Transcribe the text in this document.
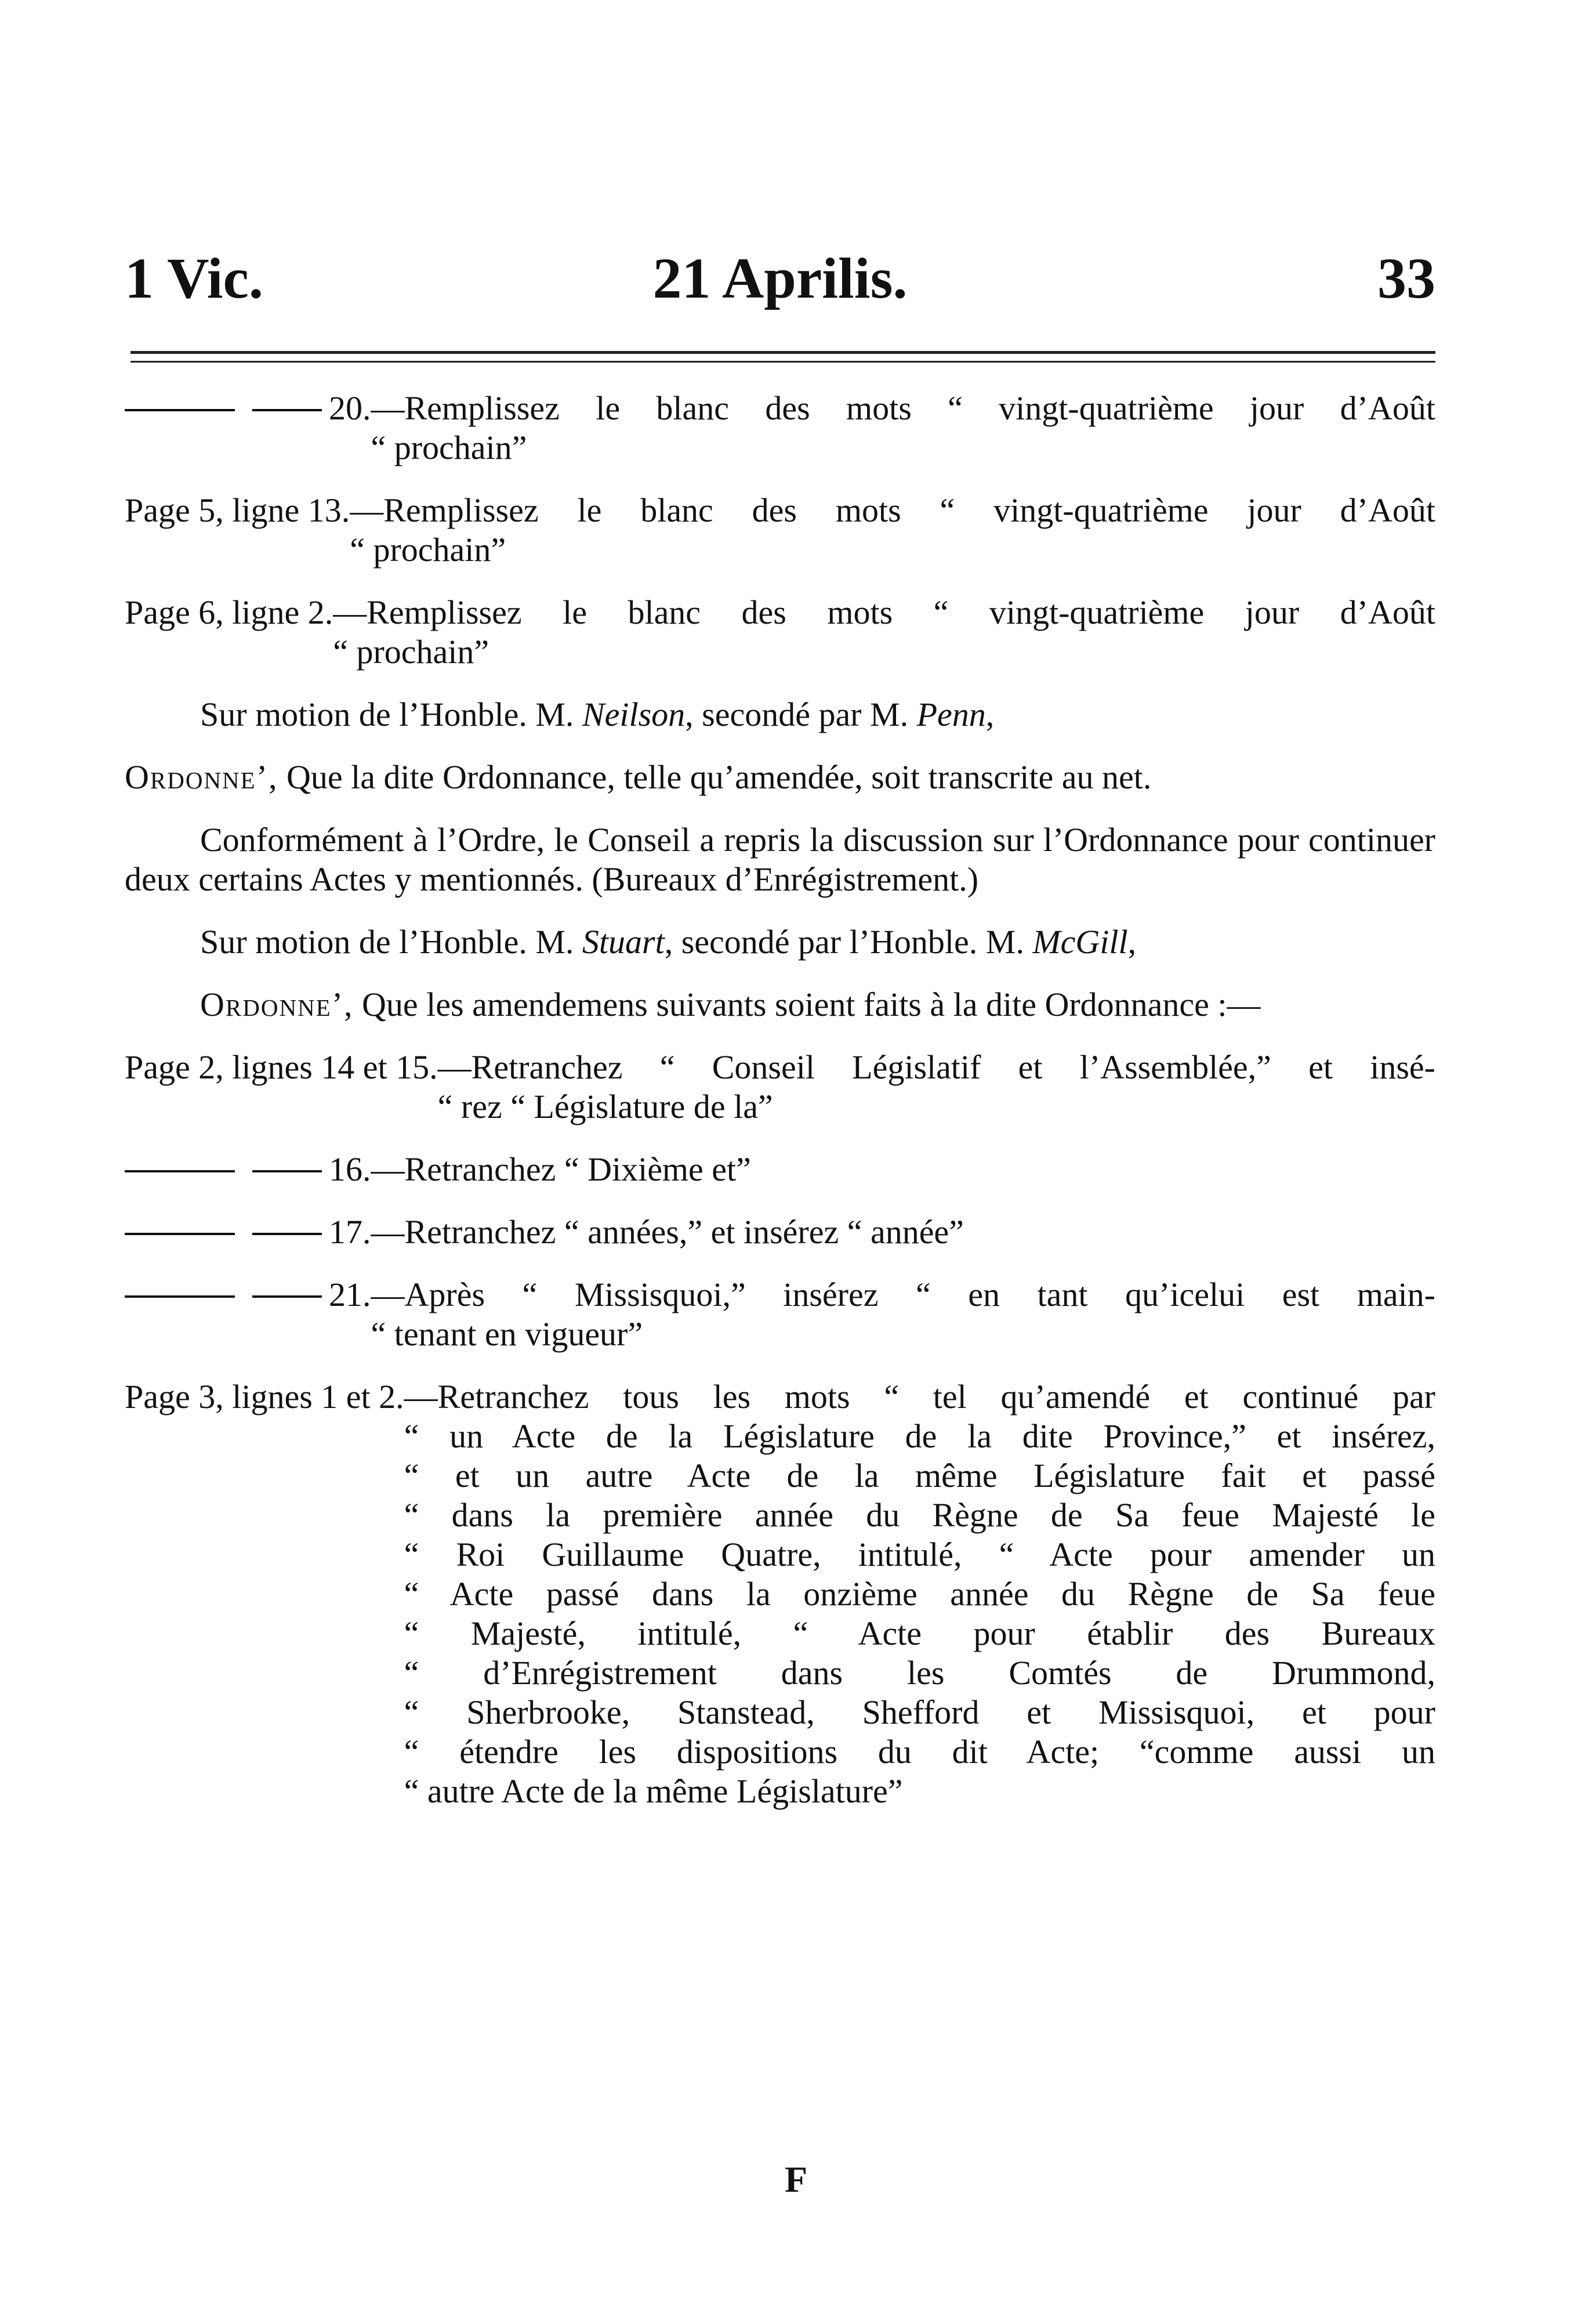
1 Vic.	21 Aprilis.	33
20. —Remplissez le blanc des mots “ vingt-quatrième jour d’Août
“ prochain”
Page 5, ligne 13. —Remplissez le blanc des mots “ vingt-quatrième jour d’Août
“ prochain”
Page 6, ligne 2. —Remplissez le blanc des mots “ vingt-quatrième jour d’Août
“ prochain”
Sur motion de l’Honble. M. Neilson, secondé par M. Penn,
Ordonne’, Que la dite Ordonnance, telle qu’amendée, soit transcrite au net.
Conformément à l’Ordre, le Conseil a repris la discussion sur l’Ordonnance pour continuer deux certains Actes y mentionnés. (Bureaux d’Enrégistrement.)
Sur motion de l’Honble. M. Stuart, secondé par l’Honble. M. McGill,
Ordonne’, Que les amendemens suivants soient faits à la dite Ordonnance :—
Page 2, lignes 14 et 15. —Retranchez “ Conseil Législatif et l’Assemblée,” et insé-
“ rez “ Législature de la”
16. —Retranchez “ Dixième et”
17. —Retranchez “ années,” et insérez “ année”
21. —Après “ Missisquoi,” insérez “ en tant qu’icelui est main-
“ tenant en vigueur”
Page 3, lignes 1 et 2. —Retranchez tous les mots “ tel qu’amendé et continué par
“ un Acte de la Législature de la dite Province,” et insérez,
“ et un autre Acte de la même Législature fait et passé
“ dans la première année du Règne de Sa feue Majesté le
“ Roi Guillaume Quatre, intitulé, “ Acte pour amender un
“ Acte passé dans la onzième année du Règne de Sa feue
“ Majesté, intitulé, “ Acte pour établir des Bureaux
“ d’Enrégistrement dans les Comtés de Drummond,
“ Sherbrooke, Stanstead, Shefford et Missisquoi, et pour
“ étendre les dispositions du dit Acte; “comme aussi un
“ autre Acte de la même Législature”
F
